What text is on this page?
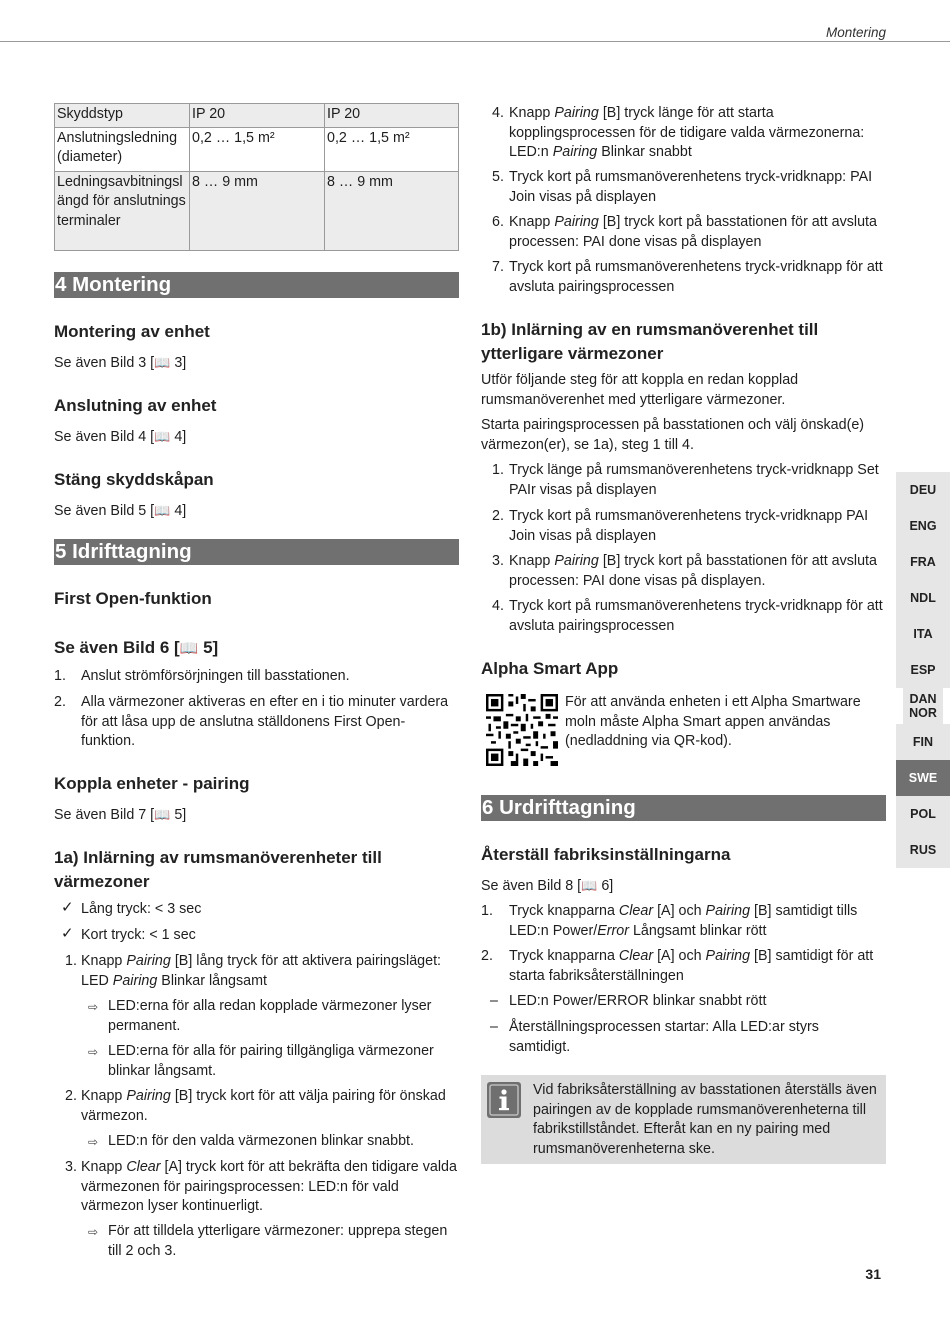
Montering
Skyddstyp	IP 20	IP 20
Anslutningsledning (diameter)	0,2 … 1,5 m²	0,2 … 1,5 m²
Ledningsavbitningslängd för anslutningsterminaler	8 … 9 mm	8 … 9 mm
4 Montering
Montering av enhet
Se även Bild 3 [📖 3]
Anslutning av enhet
Se även Bild 4 [📖 4]
Stäng skyddskåpan
Se även Bild 5 [📖 4]
5 Idrifttagning
First Open-funktion
Se även Bild 6 [📖 5]
1. Anslut strömförsörjningen till basstationen.
2. Alla värmezoner aktiveras en efter en i tio minuter vardera för att låsa upp de anslutna ställdonens First Open-funktion.
Koppla enheter - pairing
Se även Bild 7 [📖 5]
1a) Inlärning av rumsmanöverenheter till värmezoner
✓ Lång tryck: < 3 sec
✓ Kort tryck: < 1 sec
1. Knapp Pairing [B] lång tryck för att aktivera pairingsläget: LED Pairing Blinkar långsamt
⇨ LED:erna för alla redan kopplade värmezoner lyser permanent.
⇨ LED:erna för alla för pairing tillgängliga värmezoner blinkar långsamt.
2. Knapp Pairing [B] tryck kort för att välja pairing för önskad värmezon.
⇨ LED:n för den valda värmezonen blinkar snabbt.
3. Knapp Clear [A] tryck kort för att bekräfta den tidigare valda värmezonen för pairingsprocessen: LED:n för vald värmezon lyser kontinuerligt.
⇨ För att tilldela ytterligare värmezoner: upprepa stegen till 2 och 3.
4. Knapp Pairing [B] tryck länge för att starta kopplingsprocessen för de tidigare valda värmezonerna: LED:n Pairing Blinkar snabbt
5. Tryck kort på rumsmanöverenhetens tryck-vridknapp: PAI Join visas på displayen
6. Knapp Pairing [B] tryck kort på basstationen för att avsluta processen: PAI done visas på displayen
7. Tryck kort på rumsmanöverenhetens tryck-vridknapp för att avsluta pairingsprocessen
1b) Inlärning av en rumsmanöverenhet till ytterligare värmezoner
Utför följande steg för att koppla en redan kopplad rumsmanöverenhet med ytterligare värmezoner.
Starta pairingsprocessen på basstationen och välj önskad(e) värmezon(er), se 1a), steg 1 till 4.
1. Tryck länge på rumsmanöverenhetens tryck-vridknapp Set PAIr visas på displayen
2. Tryck kort på rumsmanöverenhetens tryck-vridknapp PAI Join visas på displayen
3. Knapp Pairing [B] tryck kort på basstationen för att avsluta processen: PAI done visas på displayen.
4. Tryck kort på rumsmanöverenhetens tryck-vridknapp för att avsluta pairingsprocessen
Alpha Smart App
För att använda enheten i ett Alpha Smartware moln måste Alpha Smart appen användas (nedladdning via QR-kod).
6 Urdrifttagning
Återställ fabriksinställningarna
Se även Bild 8 [📖 6]
1. Tryck knapparna Clear [A] och Pairing [B] samtidigt tills LED:n Power/Error Långsamt blinkar rött
2. Tryck knapparna Clear [A] och Pairing [B] samtidigt för att starta fabriksåterställningen
– LED:n Power/ERROR blinkar snabbt rött
– Återställningsprocessen startar: Alla LED:ar styrs samtidigt.
Vid fabriksåterställning av basstationen återställs även pairingen av de kopplade rumsmanöverenheterna till fabrikstillståndet. Efteråt kan en ny pairing med rumsmanöverenheterna ske.
DEU
ENG
FRA
NDL
ITA
ESP
DAN NOR
FIN
SWE
POL
RUS
31
